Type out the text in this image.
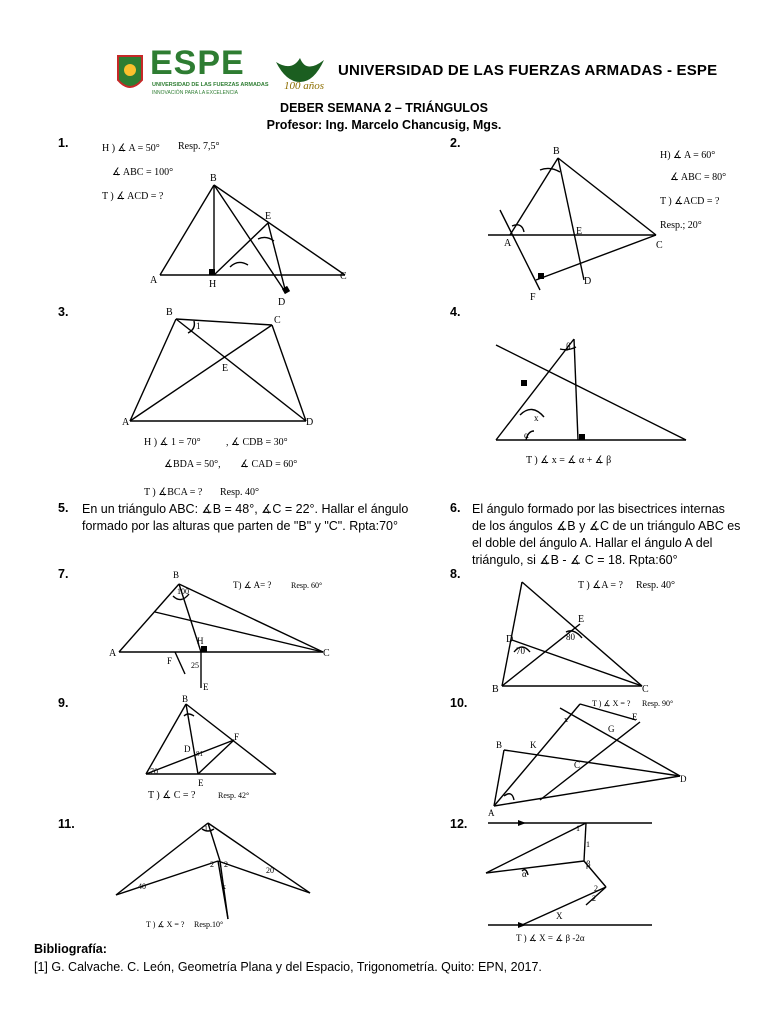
ESPE
UNIVERSIDAD DE LAS FUERZAS ARMADAS
INNOVACIÓN PARA LA EXCELENCIA
100 años
UNIVERSIDAD DE LAS FUERZAS ARMADAS - ESPE
DEBER SEMANA 2 – TRIÁNGULOS
Profesor: Ing. Marcelo Chancusig, Mgs.
1.	2.
3.	4.
5.	6.
7.	8.
9.	10.
11.	12.
En un triángulo ABC: ∡B = 48°, ∡C = 22°. Hallar el ángulo formado por las alturas que parten de "B" y "C". Rpta:70°
El ángulo formado por las bisectrices internas de los ángulos ∡B y ∡C de un triángulo ABC es el doble del ángulo A. Hallar el ángulo A del triángulo, si ∡B - ∡ C = 18. Rpta:60°
H ) ∡ A = 50° Resp. 7,5°
∡ ABC = 100°
T ) ∡ ACD = ?
B
A	H
E
C
D
B
A	C
D
E
F
H) ∡ A = 60°
∡ ABC = 80°
T ) ∡ACD = ?
Resp.; 20°
B
C
A	D
E
1
H ) ∡ 1 = 70°	, ∡ CDB = 30°
∡BDA = 50°, ∡ CAD = 60°
T ) ∡BCA = ? Resp. 40°
β
x
α
T ) ∡ x = ∡ α + ∡ β
B
A	C
H
F
E
100
25
T) ∡ A= ? Resp. 60°
B	C
D
E
70
80
T ) ∡A = ? Resp. 40°
B
D
F
E
70
81
T ) ∡ C = ?	Resp. 42°
B	K
C
G
E
D
A
x
T ) ∡ X = ? Resp. 90°
1
2 2
x
40
20
T ) ∡ X = ? Resp.10°
1
1
β
2
2
α
X
T ) ∡ X = ∡ β -2α
Bibliografía:
[1] G. Calvache. C. León, Geometría Plana y del Espacio, Trigonometría. Quito: EPN, 2017.
